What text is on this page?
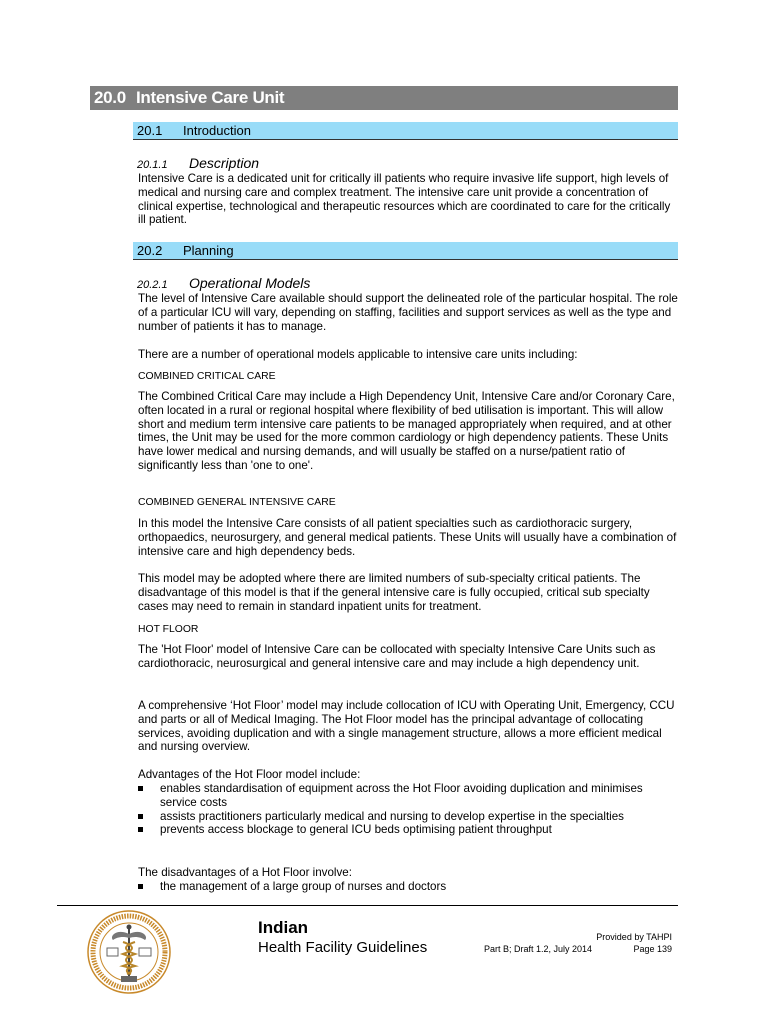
20.0 Intensive Care Unit
20.1 Introduction
20.1.1 Description

Intensive Care is a dedicated unit for critically ill patients who require invasive life support, high levels of medical and nursing care and complex treatment. The intensive care unit provide a concentration of clinical expertise, technological and therapeutic resources which are coordinated to care for the critically ill patient.

20.2 Planning
20.2.1 Operational Models

The level of Intensive Care available should support the delineated role of the particular hospital. The role of a particular ICU will vary, depending on staffing, facilities and support services as well as the type and number of patients it has to manage.

There are a number of operational models applicable to intensive care units including:

COMBINED CRITICAL CARE

The Combined Critical Care may include a High Dependency Unit, Intensive Care and/or Coronary Care, often located in a rural or regional hospital where flexibility of bed utilisation is important. This will allow short and medium term intensive care patients to be managed appropriately when required, and at other times, the Unit may be used for the more common cardiology or high dependency patients. These Units have lower medical and nursing demands, and will usually be staffed on a nurse/patient ratio of significantly less than 'one to one'.

COMBINED GENERAL INTENSIVE CARE

In this model the Intensive Care consists of all patient specialties such as cardiothoracic surgery, orthopaedics, neurosurgery, and general medical patients. These Units will usually have a combination of intensive care and high dependency beds.

This model may be adopted where there are limited numbers of sub-specialty critical patients. The disadvantage of this model is that if the general intensive care is fully occupied, critical sub specialty cases may need to remain in standard inpatient units for treatment.

HOT FLOOR

The 'Hot Floor' model of Intensive Care can be collocated with specialty Intensive Care Units such as cardiothoracic, neurosurgical and general intensive care and may include a high dependency unit.

A comprehensive ‘Hot Floor’ model may include collocation of ICU with Operating Unit, Emergency, CCU and parts or all of Medical Imaging. The Hot Floor model has the principal advantage of collocating services, avoiding duplication and with a single management structure, allows a more efficient medical and nursing overview.

Advantages of the Hot Floor model include:

enables standardisation of equipment across the Hot Floor avoiding duplication and minimises service costs
assists practitioners particularly medical and nursing to develop expertise in the specialties
prevents access blockage to general ICU beds optimising patient throughput

The disadvantages of a Hot Floor involve:

the management of a large group of nurses and doctors
Indian
Health Facility Guidelines
Provided by TAHPI
Part B; Draft 1.2, July 2014	Page 139
